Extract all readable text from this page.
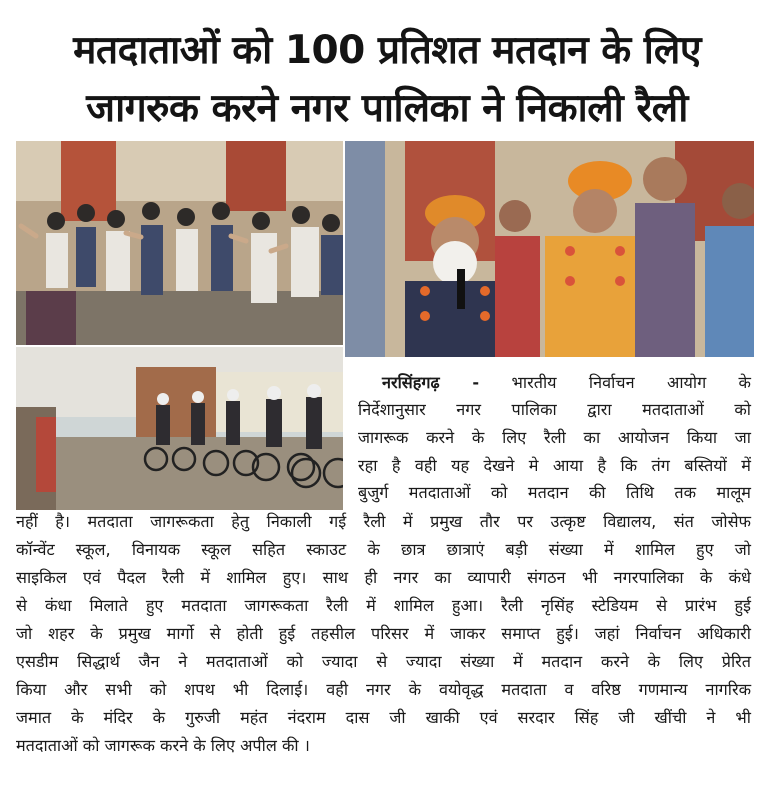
मतदाताओं को 100 प्रतिशत मतदान के लिए
जागरुक करने नगर पालिका ने निकाली रैली
नरसिंहगढ़ - भारतीय निर्वाचन आयोग के
निर्देशानुसार नगर पालिका द्वारा मतदाताओं को
जागरूक करने के लिए रैली का आयोजन किया जा
रहा है वही यह देखने मे आया है कि तंग बस्तियों में
बुजुर्ग मतदाताओं को मतदान की तिथि तक मालूम
नहीं है। मतदाता जागरूकता हेतु निकाली गई रैली में प्रमुख तौर पर उत्कृष्ट विद्यालय, संत जोसेफ
कॉन्वेंट स्कूल, विनायक स्कूल सहित स्काउट के छात्र छात्राएं बड़ी संख्या में शामिल हुए जो
साइकिल एवं पैदल रैली में शामिल हुए। साथ ही नगर का व्यापारी संगठन भी नगरपालिका के कंधे
से कंधा मिलाते हुए मतदाता जागरूकता रैली में शामिल हुआ। रैली नृसिंह स्टेडियम से प्रारंभ हुई
जो शहर के प्रमुख मार्गो से होती हुई तहसील परिसर में जाकर समाप्त हुई। जहां निर्वाचन अधिकारी
एसडीम सिद्धार्थ जैन ने मतदाताओं को ज्यादा से ज्यादा संख्या में मतदान करने के लिए प्रेरित
किया और सभी को शपथ भी दिलाई। वही नगर के वयोवृद्ध मतदाता व वरिष्ठ गणमान्य नागरिक
जमात के मंदिर के गुरुजी महंत नंदराम दास जी खाकी एवं सरदार सिंह जी खींची ने भी
मतदाताओं को जागरूक करने के लिए अपील की ।
